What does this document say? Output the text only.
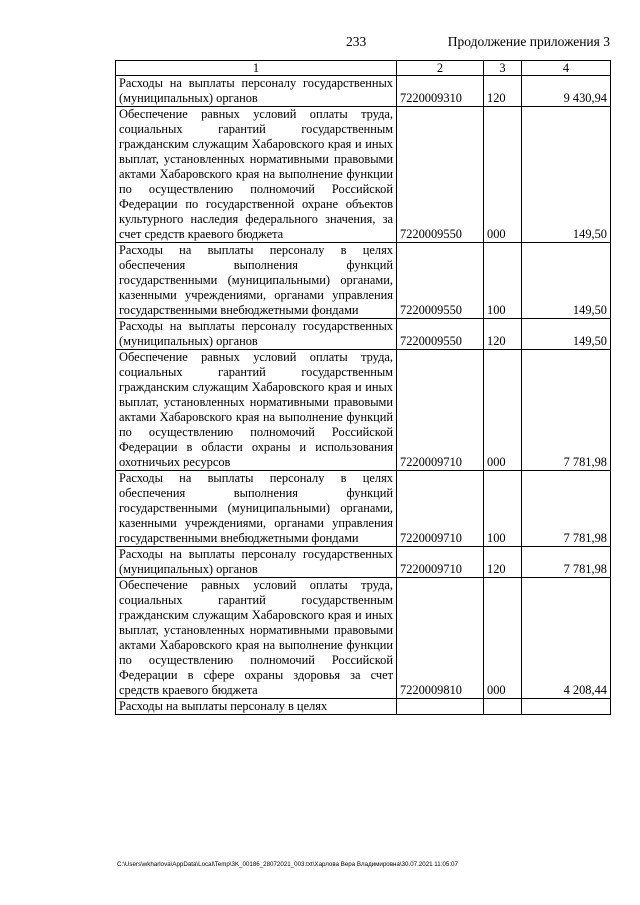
233	Продолжение приложения 3
1	2	3	4
Расходы на выплаты персоналу государственных (муниципальных) органов	7220009310	120	9 430,94
Обеспечение равных условий оплаты труда, социальных гарантий государственным гражданским служащим Хабаровского края и иных выплат, установленных нормативными правовыми актами Хабаровского края на выполнение функции по осуществлению полномочий Российской Федерации по государственной охране объектов культурного наследия федерального значения, за счет средств краевого бюджета	7220009550	000	149,50
Расходы на выплаты персоналу в целях обеспечения выполнения функций государственными (муниципальными) органами, казенными учреждениями, органами управления государственными внебюджетными фондами	7220009550	100	149,50
Расходы на выплаты персоналу государственных (муниципальных) органов	7220009550	120	149,50
Обеспечение равных условий оплаты труда, социальных гарантий государственным гражданским служащим Хабаровского края и иных выплат, установленных нормативными правовыми актами Хабаровского края на выполнение функций по осуществлению полномочий Российской Федерации в области охраны и использования охотничьих ресурсов	7220009710	000	7 781,98
Расходы на выплаты персоналу в целях обеспечения выполнения функций государственными (муниципальными) органами, казенными учреждениями, органами управления государственными внебюджетными фондами	7220009710	100	7 781,98
Расходы на выплаты персоналу государственных (муниципальных) органов	7220009710	120	7 781,98
Обеспечение равных условий оплаты труда, социальных гарантий государственным гражданским служащим Хабаровского края и иных выплат, установленных нормативными правовыми актами Хабаровского края на выполнение функции по осуществлению полномочий Российской Федерации в сфере охраны здоровья за счет средств краевого бюджета	7220009810	000	4 208,44
Расходы на выплаты персоналу в целях			
C:\Users\wkharlova\AppData\Local\Temp\3K_00186_28072021_003.txt\Харлова Вера Владимировна\30.07.2021 11:05:07
